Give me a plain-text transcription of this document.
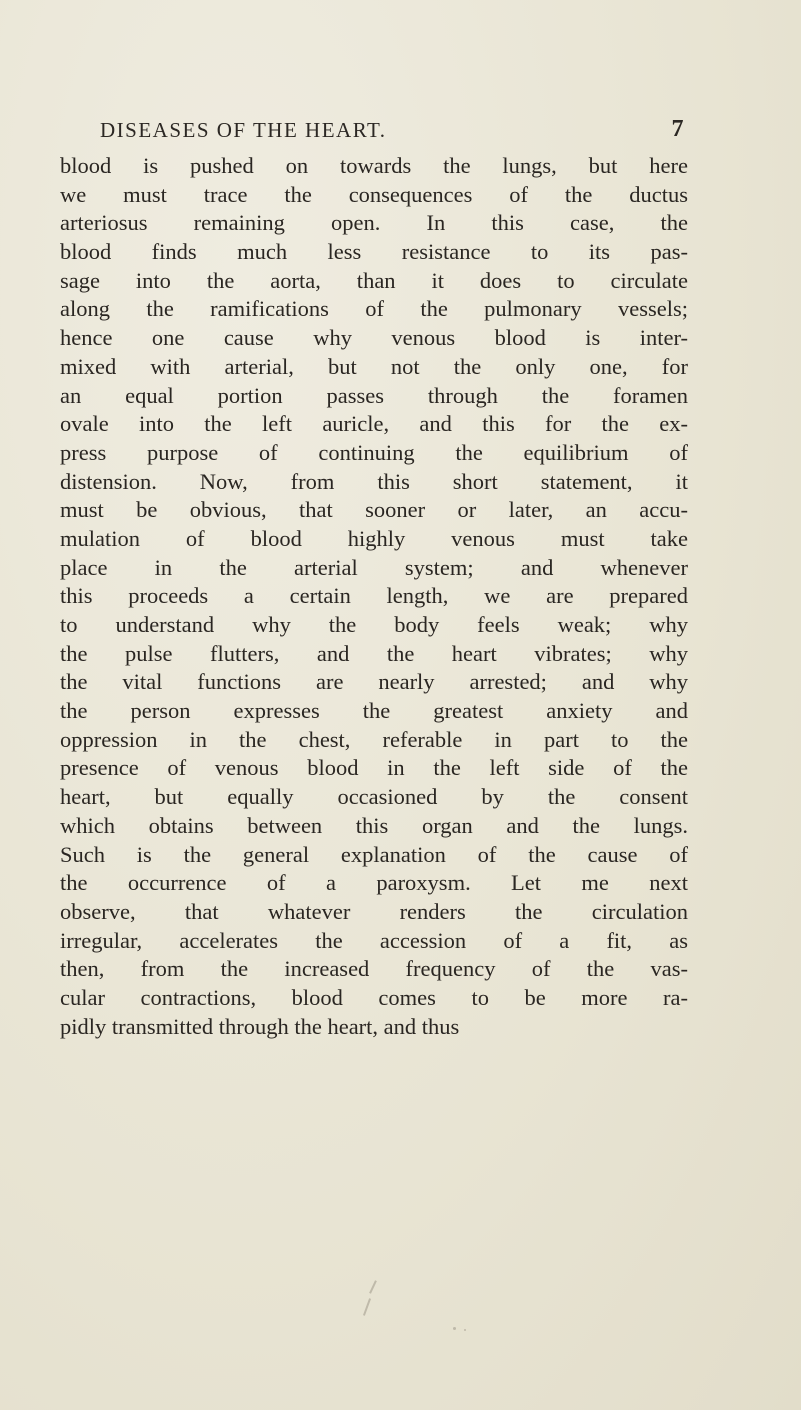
DISEASES OF THE HEART.	7
blood is pushed on towards the lungs, but here
we must trace the consequences of the ductus
arteriosus remaining open. In this case, the
blood finds much less resistance to its pas-
sage into the aorta, than it does to circulate
along the ramifications of the pulmonary vessels;
hence one cause why venous blood is inter-
mixed with arterial, but not the only one, for
an equal portion passes through the foramen
ovale into the left auricle, and this for the ex-
press purpose of continuing the equilibrium of
distension. Now, from this short statement, it
must be obvious, that sooner or later, an accu-
mulation of blood highly venous must take
place in the arterial system; and whenever
this proceeds a certain length, we are prepared
to understand why the body feels weak; why
the pulse flutters, and the heart vibrates; why
the vital functions are nearly arrested; and why
the person expresses the greatest anxiety and
oppression in the chest, referable in part to the
presence of venous blood in the left side of the
heart, but equally occasioned by the consent
which obtains between this organ and the lungs.
Such is the general explanation of the cause of
the occurrence of a paroxysm. Let me next
observe, that whatever renders the circulation
irregular, accelerates the accession of a fit, as
then, from the increased frequency of the vas-
cular contractions, blood comes to be more ra-
pidly transmitted through the heart, and thus
